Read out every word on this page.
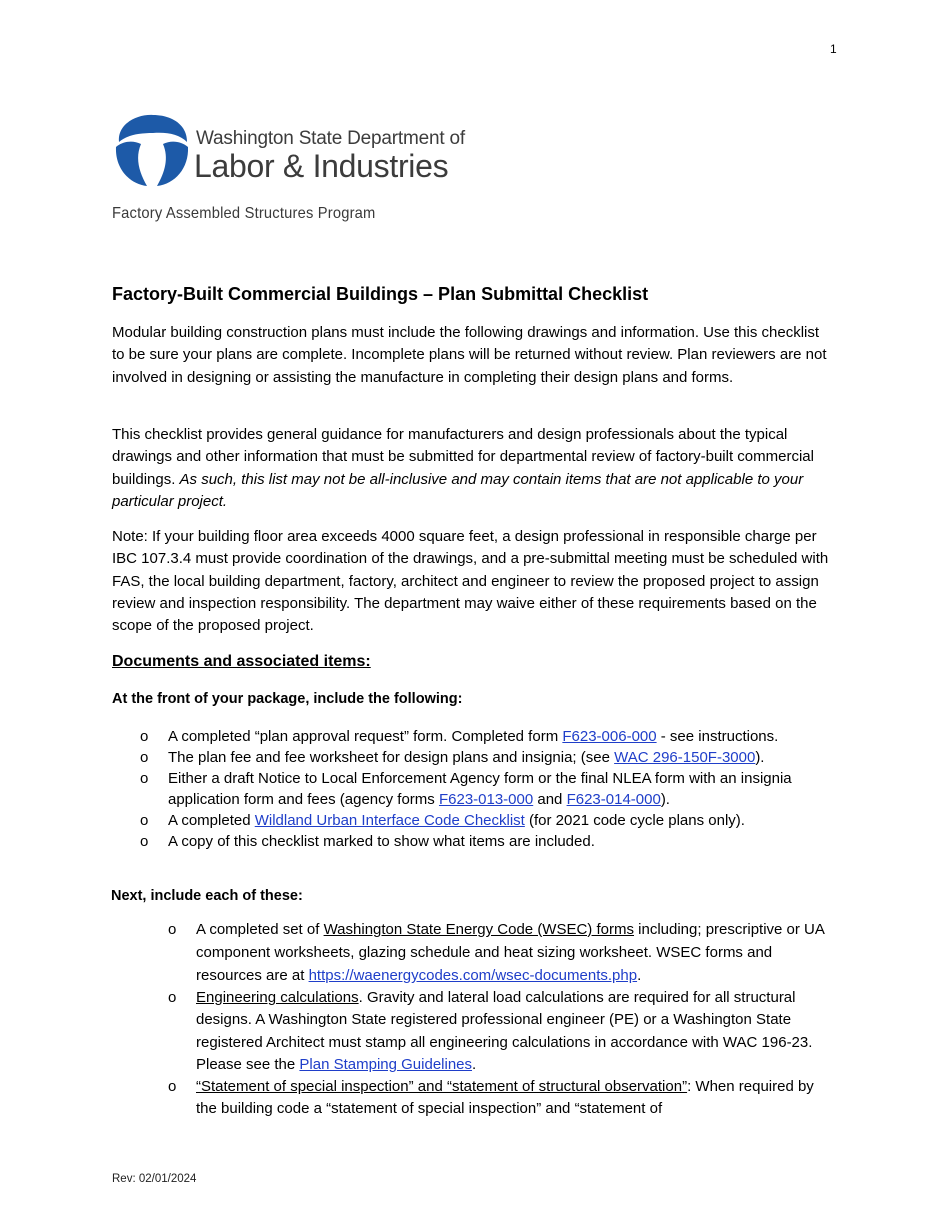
1
Washington State Department of
Labor & Industries
Factory Assembled Structures Program
Factory-Built Commercial Buildings – Plan Submittal Checklist
Modular building construction plans must include the following drawings and information. Use this checklist to be sure your plans are complete. Incomplete plans will be returned without review. Plan reviewers are not involved in designing or assisting the manufacture in completing their design plans and forms.
This checklist provides general guidance for manufacturers and design professionals about the typical drawings and other information that must be submitted for departmental review of factory-built commercial buildings. As such, this list may not be all-inclusive and may contain items that are not applicable to your particular project.
Note: If your building floor area exceeds 4000 square feet, a design professional in responsible charge per IBC 107.3.4 must provide coordination of the drawings, and a pre-submittal meeting must be scheduled with FAS, the local building department, factory, architect and engineer to review the proposed project to assign review and inspection responsibility. The department may waive either of these requirements based on the scope of the proposed project.
Documents and associated items:
At the front of your package, include the following:
o A completed “plan approval request” form. Completed form F623-006-000 - see instructions.
o The plan fee and fee worksheet for design plans and insignia; (see WAC 296-150F-3000).
o Either a draft Notice to Local Enforcement Agency form or the final NLEA form with an insignia application form and fees (agency forms F623-013-000 and F623-014-000).
o A completed Wildland Urban Interface Code Checklist (for 2021 code cycle plans only).
o A copy of this checklist marked to show what items are included.
Next, include each of these:
o A completed set of Washington State Energy Code (WSEC) forms including; prescriptive or UA component worksheets, glazing schedule and heat sizing worksheet. WSEC forms and resources are at https://waenergycodes.com/wsec-documents.php.
o Engineering calculations. Gravity and lateral load calculations are required for all structural designs. A Washington State registered professional engineer (PE) or a Washington State registered Architect must stamp all engineering calculations in accordance with WAC 196-23. Please see the Plan Stamping Guidelines.
o “Statement of special inspection” and “statement of structural observation”: When required by the building code a “statement of special inspection” and “statement of
Rev: 02/01/2024
